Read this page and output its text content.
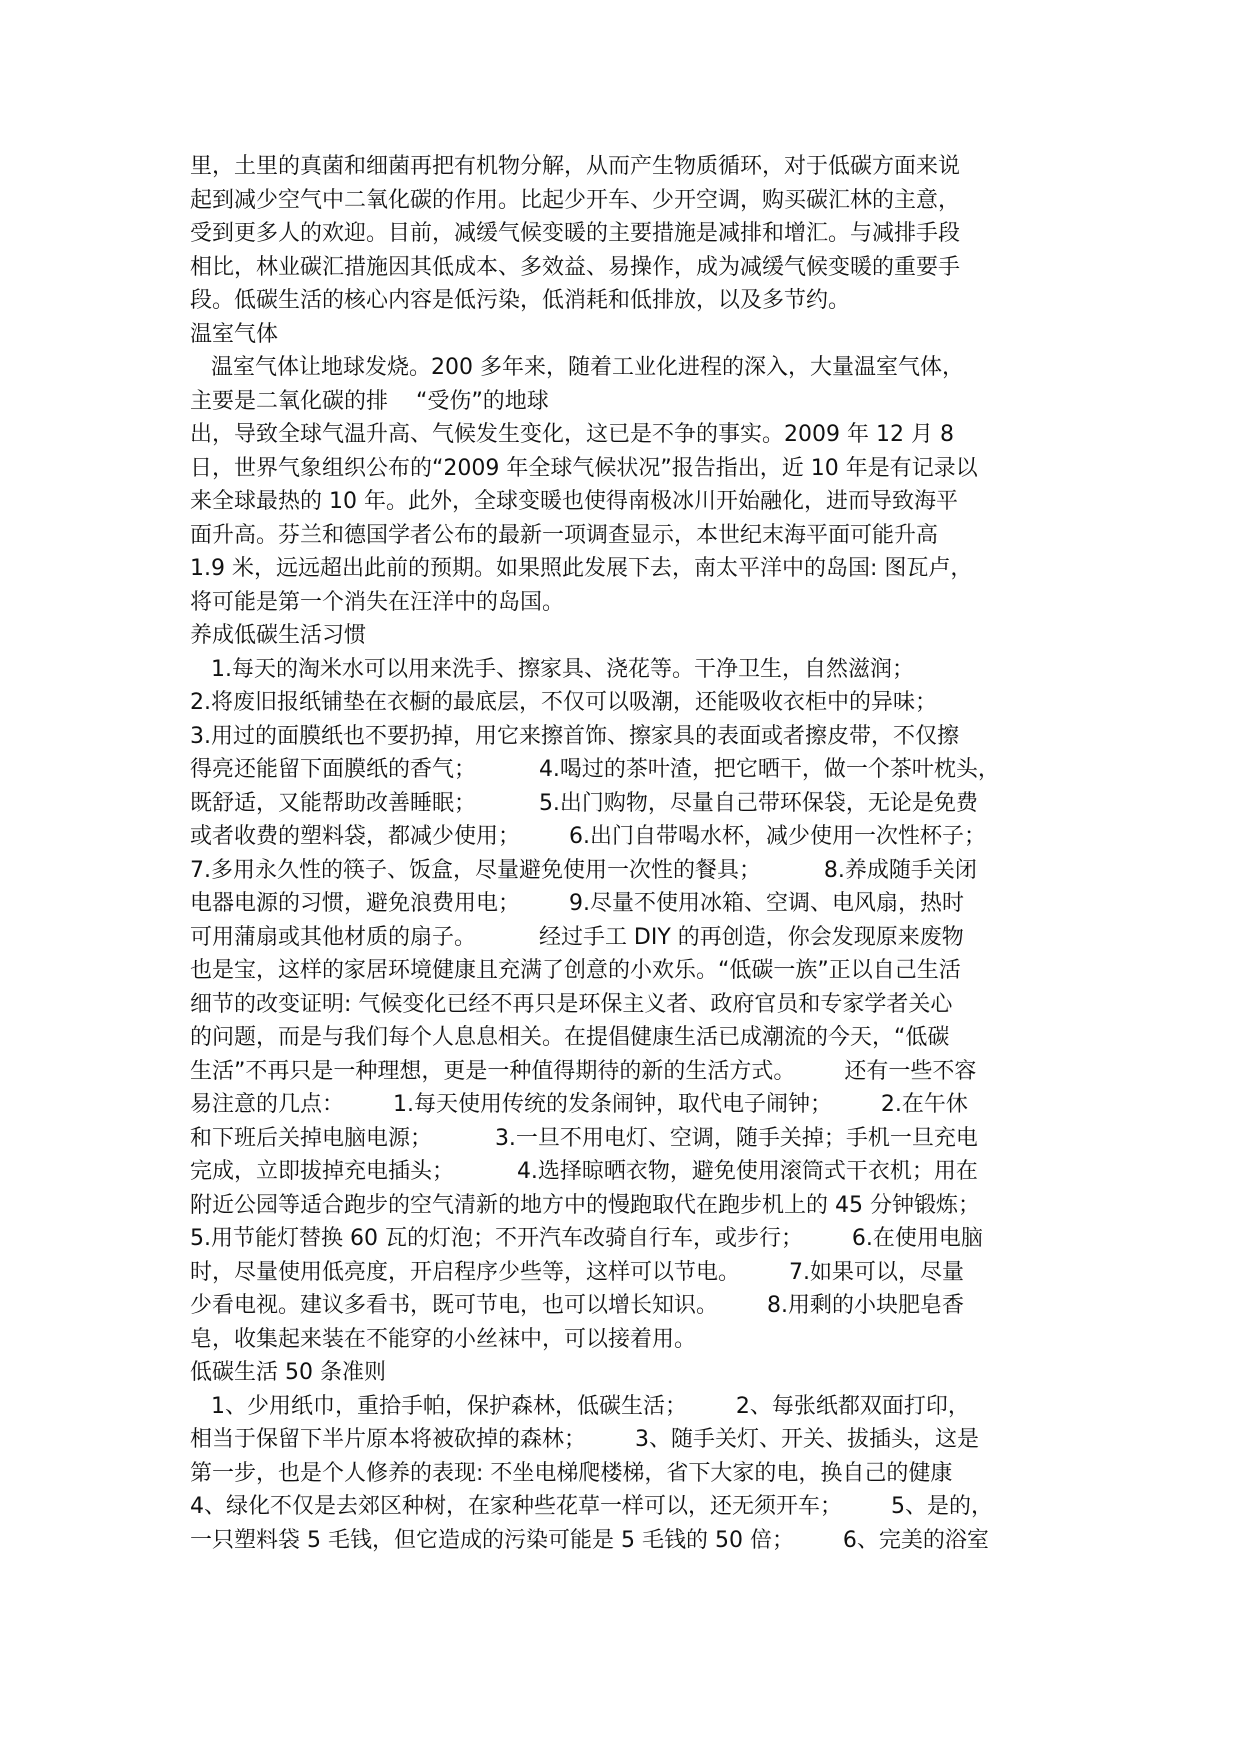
里，土里的真菌和细菌再把有机物分解，从而产生物质循环，对于低碳方面来说
起到减少空气中二氧化碳的作用。比起少开车、少开空调，购买碳汇林的主意，
受到更多人的欢迎。目前，减缓气候变暖的主要措施是减排和增汇。与减排手段
相比，林业碳汇措施因其低成本、多效益、易操作，成为减缓气候变暖的重要手
段。低碳生活的核心内容是低污染，低消耗和低排放，以及多节约。
温室气体
温室气体让地球发烧。200 多年来，随着工业化进程的深入，大量温室气体，
主要是二氧化碳的排    “受伤”的地球
出，导致全球气温升高、气候发生变化，这已是不争的事实。2009 年 12 月 8
日，世界气象组织公布的“2009 年全球气候状况”报告指出，近 10 年是有记录以
来全球最热的 10 年。此外，全球变暖也使得南极冰川开始融化，进而导致海平
面升高。芬兰和德国学者公布的最新一项调查显示，本世纪末海平面可能升高
1.9 米，远远超出此前的预期。如果照此发展下去，南太平洋中的岛国: 图瓦卢，
将可能是第一个消失在汪洋中的岛国。
养成低碳生活习惯
1.每天的淘米水可以用来洗手、擦家具、浇花等。干净卫生，自然滋润；
2.将废旧报纸铺垫在衣橱的最底层，不仅可以吸潮，还能吸收衣柜中的异味；
3.用过的面膜纸也不要扔掉，用它来擦首饰、擦家具的表面或者擦皮带，不仅擦
得亮还能留下面膜纸的香气；         4.喝过的茶叶渣，把它晒干，做一个茶叶枕头，
既舒适，又能帮助改善睡眠；         5.出门购物，尽量自己带环保袋，无论是免费
或者收费的塑料袋，都减少使用；       6.出门自带喝水杯，减少使用一次性杯子；
7.多用永久性的筷子、饭盒，尽量避免使用一次性的餐具；         8.养成随手关闭
电器电源的习惯，避免浪费用电；       9.尽量不使用冰箱、空调、电风扇，热时
可用蒲扇或其他材质的扇子。         经过手工 DIY 的再创造，你会发现原来废物
也是宝，这样的家居环境健康且充满了创意的小欢乐。“低碳一族”正以自己生活
细节的改变证明: 气候变化已经不再只是环保主义者、政府官员和专家学者关心
的问题，而是与我们每个人息息相关。在提倡健康生活已成潮流的今天，“低碳
生活”不再只是一种理想，更是一种值得期待的新的生活方式。       还有一些不容
易注意的几点：       1.每天使用传统的发条闹钟，取代电子闹钟；       2.在午休
和下班后关掉电脑电源；         3.一旦不用电灯、空调，随手关掉；手机一旦充电
完成，立即拔掉充电插头；         4.选择晾晒衣物，避免使用滚筒式干衣机；用在
附近公园等适合跑步的空气清新的地方中的慢跑取代在跑步机上的 45 分钟锻炼；
5.用节能灯替换 60 瓦的灯泡；不开汽车改骑自行车，或步行；       6.在使用电脑
时，尽量使用低亮度，开启程序少些等，这样可以节电。       7.如果可以，尽量
少看电视。建议多看书，既可节电，也可以增长知识。       8.用剩的小块肥皂香
皂，收集起来装在不能穿的小丝袜中，可以接着用。
低碳生活 50 条准则
1、少用纸巾，重拾手帕，保护森林，低碳生活；       2、每张纸都双面打印，
相当于保留下半片原本将被砍掉的森林；       3、随手关灯、开关、拔插头，这是
第一步，也是个人修养的表现: 不坐电梯爬楼梯，省下大家的电，换自己的健康
4、绿化不仅是去郊区种树，在家种些花草一样可以，还无须开车；       5、是的，
一只塑料袋 5 毛钱，但它造成的污染可能是 5 毛钱的 50 倍；       6、完美的浴室
